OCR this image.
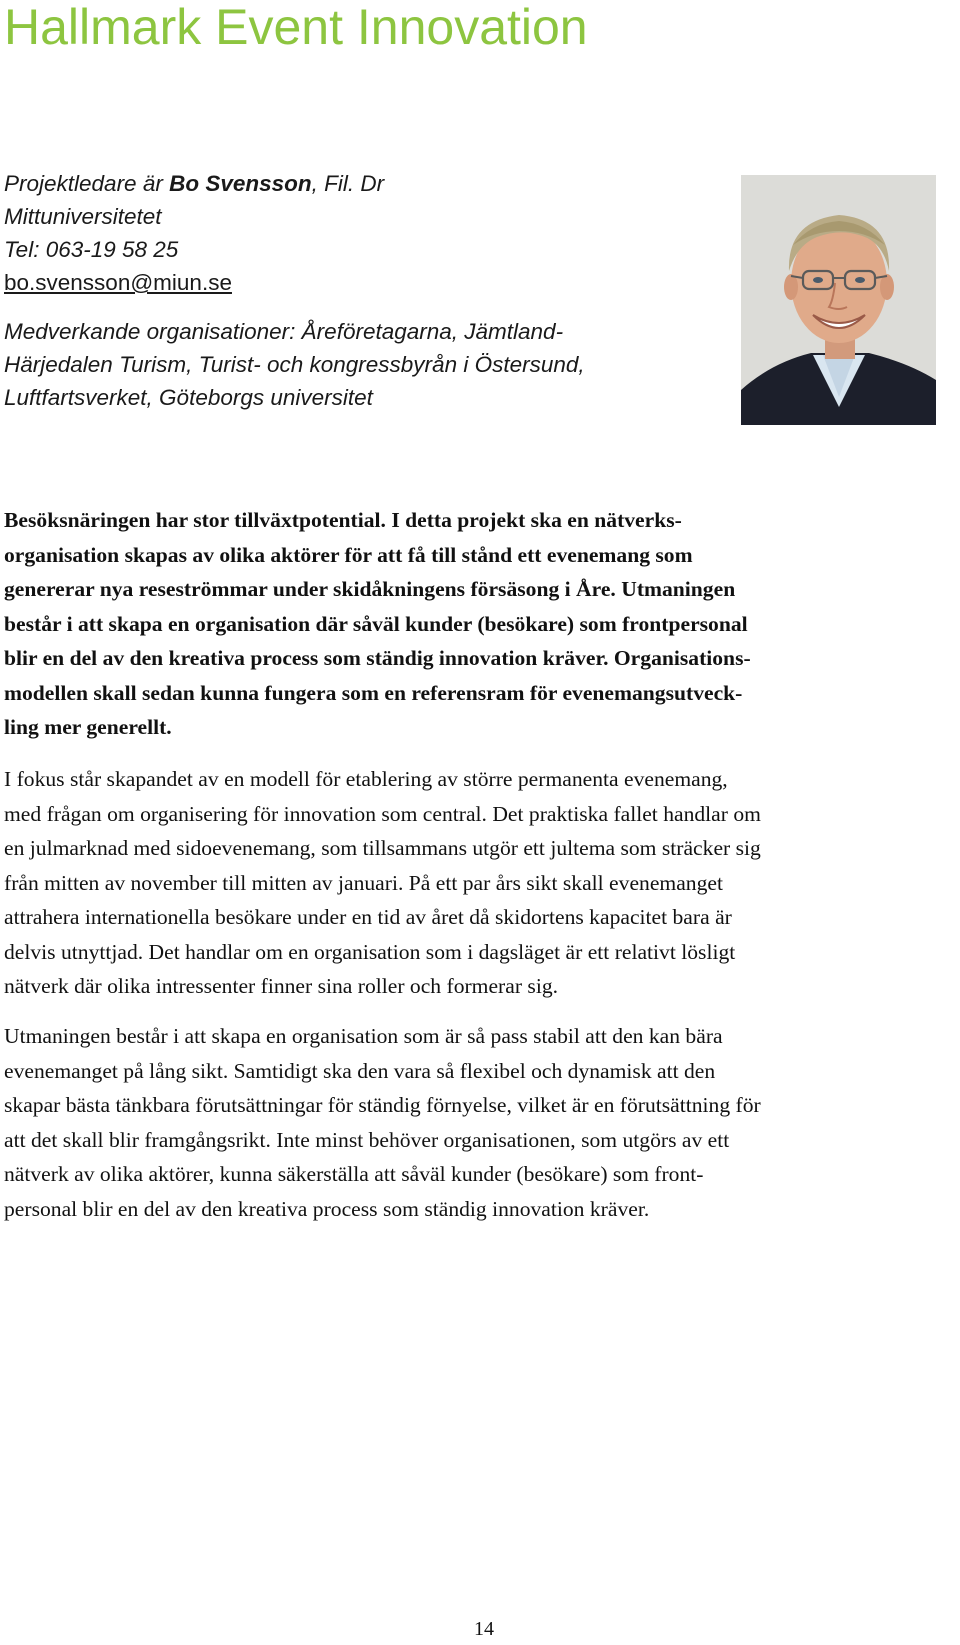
Hallmark Event Innovation
Projektledare är Bo Svensson, Fil. Dr
Mittuniversitetet
Tel: 063-19 58 25
bo.svensson@miun.se

Medverkande organisationer: Åreföretagarna, Jämtland-
Härjedalen Turism, Turist- och kongressbyrån i Östersund,
Luftfartsverket, Göteborgs universitet

Besöksnäringen har stor tillväxtpotential. I detta projekt ska en nätverks-
organisation skapas av olika aktörer för att få till stånd ett evenemang som
genererar nya reseströmmar under skidåkningens försäsong i Åre. Utmaningen
består i att skapa en organisation där såväl kunder (besökare) som frontpersonal
blir en del av den kreativa process som ständig innovation kräver. Organisations-
modellen skall sedan kunna fungera som en referensram för evenemangsutveck-
ling mer generellt.

I fokus står skapandet av en modell för etablering av större permanenta evenemang,
med frågan om organisering för innovation som central. Det praktiska fallet handlar om
en julmarknad med sidoevenemang, som tillsammans utgör ett jultema som sträcker sig
från mitten av november till mitten av januari. På ett par års sikt skall evenemanget
attrahera internationella besökare under en tid av året då skidortens kapacitet bara är
delvis utnyttjad. Det handlar om en organisation som i dagsläget är ett relativt lösligt
nätverk där olika intressenter finner sina roller och formerar sig.

Utmaningen består i att skapa en organisation som är så pass stabil att den kan bära
evenemanget på lång sikt. Samtidigt ska den vara så flexibel och dynamisk att den
skapar bästa tänkbara förutsättningar för ständig förnyelse, vilket är en förutsättning för
att det skall blir framgångsrikt. Inte minst behöver organisationen, som utgörs av ett
nätverk av olika aktörer, kunna säkerställa att såväl kunder (besökare) som front-
personal blir en del av den kreativa process som ständig innovation kräver.

14
